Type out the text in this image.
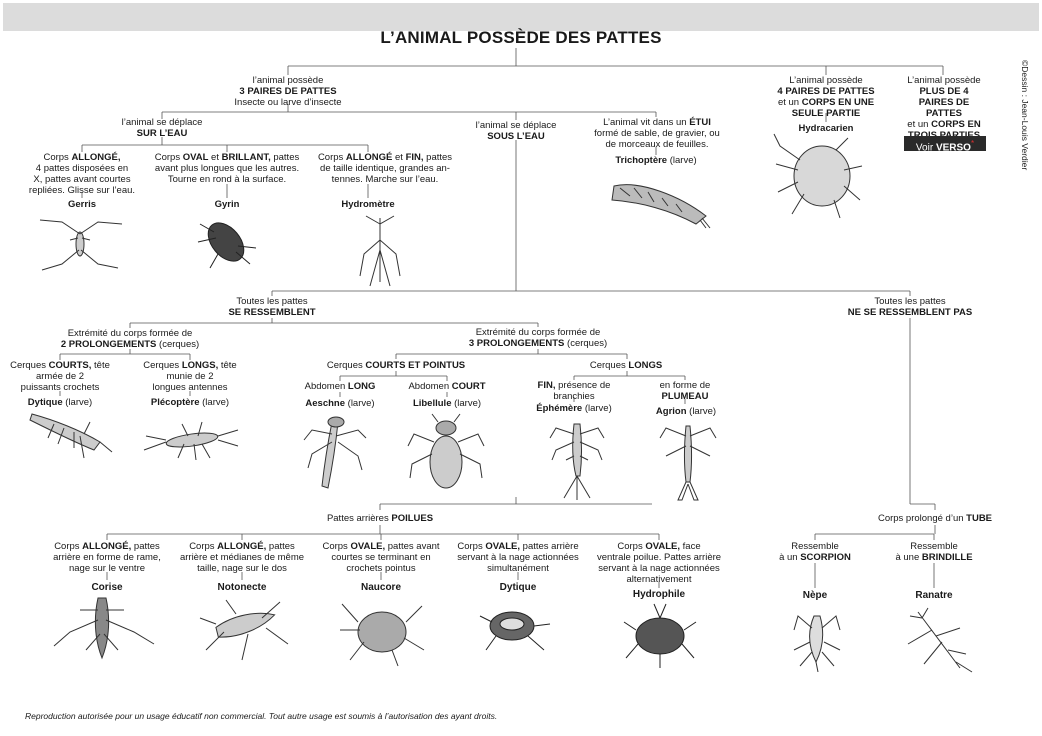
L’ANIMAL POSSÈDE DES PATTES
l’animal possède
3 PAIRES DE PATTES
Insecte ou larve d’insecte
L’animal possède
4 PAIRES DE PATTES
et un CORPS EN UNE
SEULE PARTIE
Hydracarien
L’animal possède
PLUS DE 4
PAIRES DE
PATTES
et un CORPS EN
Voir VERSO*
l’animal se déplace
SUR L’EAU
Corps ALLONGÉ,
4 pattes disposées en
X, pattes avant courtes
repliées. Glisse sur l’eau.
Gerris
Corps OVAL et BRILLANT, pattes
avant plus longues que les autres.
Tourne en rond à la surface.
Gyrin
Corps ALLONGÉ et FIN, pattes
de taille identique, grandes an-
tennes. Marche sur l’eau.
Hydromètre
l’animal se déplace
SOUS L’EAU
L’animal vit dans un ÉTUI
formé de sable, de gravier, ou
de morceaux de feuilles.
Trichoptère (larve)
Toutes les pattes
SE RESSEMBLENT
Toutes les pattes
NE SE RESSEMBLENT PAS
Extrémité du corps formée de
2 PROLONGEMENTS (cerques)
Extrémité du corps formée de
3 PROLONGEMENTS (cerques)
Cerques COURTS, tête
armée de 2
puissants crochets
Dytique (larve)
Cerques LONGS, tête
munie de 2
longues antennes
Plécoptère (larve)
Cerques COURTS ET POINTUS	Cerques LONGS
Abdomen LONG
Aeschne (larve)
Abdomen COURT
Libellule (larve)
FIN, présence de
branchies
Éphémère (larve)
en forme de
PLUMEAU
Agrion (larve)
Pattes arrières POILUES	Corps prolongé d’un TUBE
Corps ALLONGÉ, pattes
arrière en forme de rame,
nage sur le ventre
Corise
Corps ALLONGÉ, pattes
arrière et médianes de même
taille, nage sur le dos
Notonecte
Corps OVALE, pattes avant
courtes se terminant en
crochets pointus
Naucore
Corps OVALE, pattes arrière
servant à la nage actionnées
simultanément
Dytique
Corps OVALE, face
ventrale poilue. Pattes arrière
servant à la nage actionnées
alternativement
Hydrophile
Ressemble
à un SCORPION
Nèpe
Ressemble
à une BRINDILLE
Ranatre
©Dessin : Jean-Louis Verdier
Reproduction autorisée pour un usage éducatif non commercial. Tout autre usage est soumis à l’autorisation des ayant droits.
